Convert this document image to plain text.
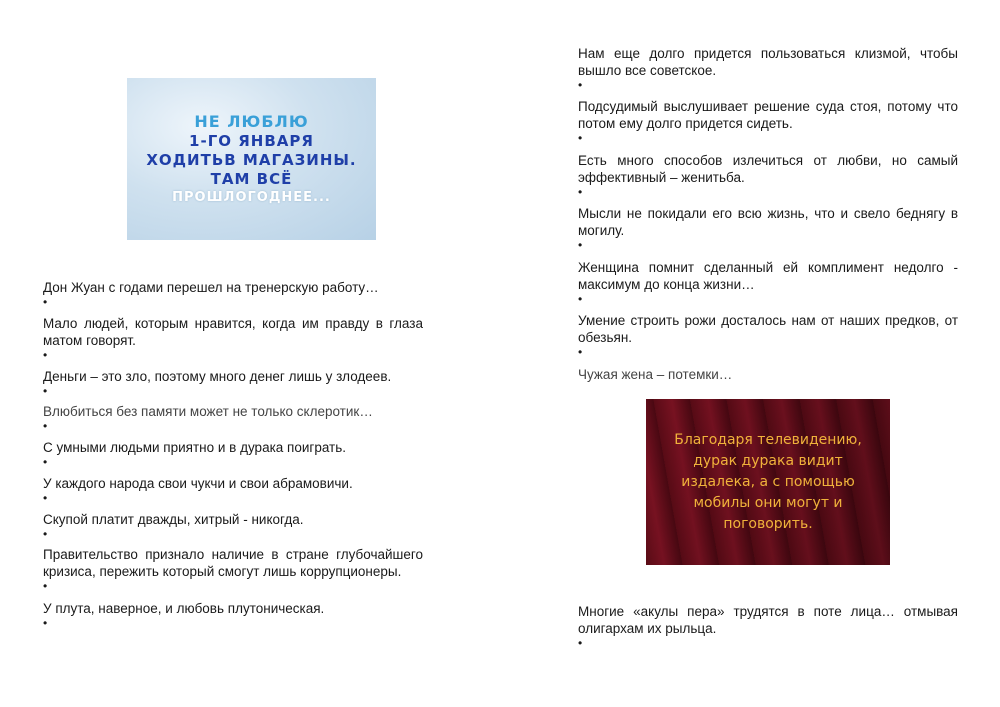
НЕ ЛЮБЛЮ
1-ГО ЯНВАРЯ
ХОДИТЬВ МАГАЗИНЫ.
ТАМ ВСЁ
ПРОШЛОГОДНЕЕ...
Дон Жуан с годами перешел на тренерскую работу…
•
Мало людей, которым нравится, когда им правду в глаза матом говорят.
•
Деньги – это зло, поэтому много денег лишь у злодеев.
•
Влюбиться без памяти может не только склеротик…
•
С умными людьми приятно и в дурака поиграть.
•
У каждого народа свои чукчи и свои абрамовичи.
•
Скупой платит дважды, хитрый - никогда.
•
Правительство признало наличие в стране глубочайшего кризиса, пережить который смогут лишь коррупционеры.
•
У плута, наверное, и любовь плутоническая.
•
Нам еще долго придется пользоваться клизмой, чтобы вышло все советское.
•
Подсудимый выслушивает решение суда стоя, потому что потом ему долго придется сидеть.
•
Есть много способов излечиться от любви, но самый эффективный – женитьба.
•
Мысли не покидали его всю жизнь, что и свело беднягу в могилу.
•
Женщина помнит сделанный ей комплимент недолго - максимум до конца жизни…
•
Умение строить рожи досталось нам от наших предков, от обезьян.
•
Чужая жена – потемки…
Благодаря телевидению,
дурак дурака видит
издалека, а с помощью
мобилы они могут и
поговорить.
Многие «акулы пера» трудятся в поте лица… отмывая олигархам их рыльца.
•
